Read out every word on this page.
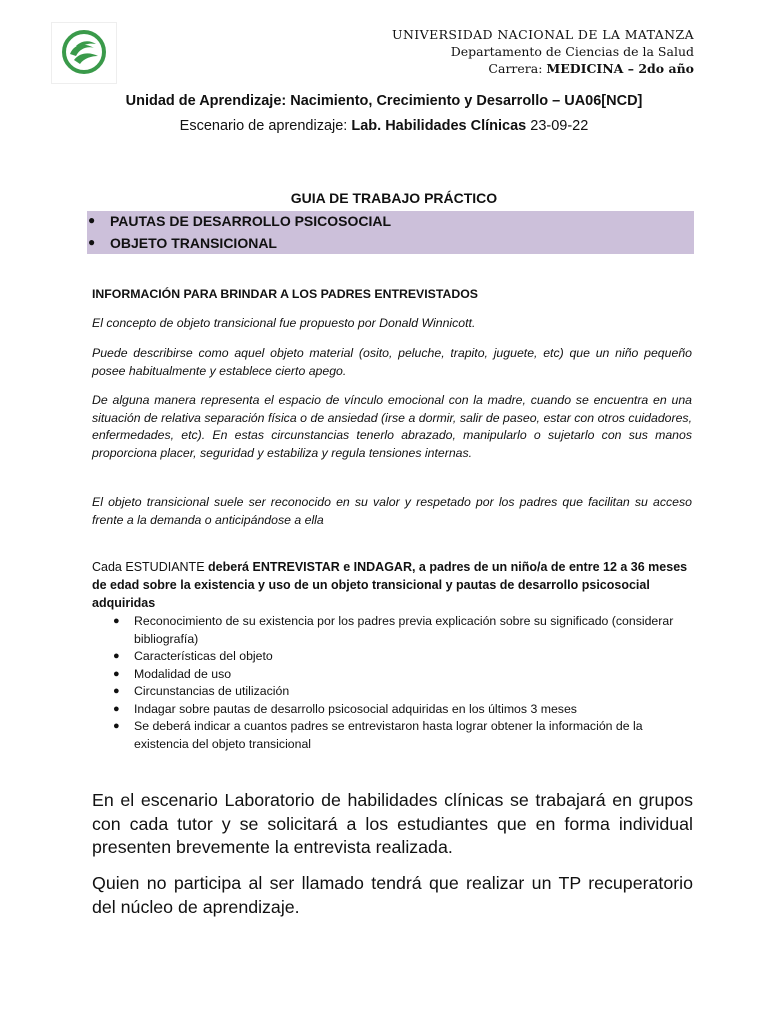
UNIVERSIDAD NACIONAL DE LA MATANZA
Departamento de Ciencias de la Salud
Carrera: MEDICINA – 2do año
Unidad de Aprendizaje: Nacimiento, Crecimiento y Desarrollo – UA06[NCD]
Escenario de aprendizaje: Lab. Habilidades Clínicas 23-09-22
GUIA DE TRABAJO PRÁCTICO
● PAUTAS DE DESARROLLO PSICOSOCIAL
● OBJETO TRANSICIONAL
INFORMACIÓN PARA BRINDAR A LOS PADRES ENTREVISTADOS
El concepto de objeto transicional fue propuesto por Donald Winnicott.
Puede describirse como aquel objeto material (osito, peluche, trapito, juguete, etc) que un niño pequeño posee habitualmente y establece cierto apego.
De alguna manera representa el espacio de vínculo emocional con la madre, cuando se encuentra en una situación de relativa separación física o de ansiedad (irse a dormir, salir de paseo, estar con otros cuidadores, enfermedades, etc). En estas circunstancias tenerlo abrazado, manipularlo o sujetarlo con sus manos proporciona placer, seguridad y estabiliza y regula tensiones internas.
El objeto transicional suele ser reconocido en su valor y respetado por los padres que facilitan su acceso frente a la demanda o anticipándose a ella
Cada ESTUDIANTE deberá ENTREVISTAR e INDAGAR, a padres de un niño/a de entre 12 a 36 meses de edad sobre la existencia y uso de un objeto transicional y pautas de desarrollo psicosocial adquiridas
● Reconocimiento de su existencia por los padres previa explicación sobre su significado (considerar bibliografía)
● Características del objeto
● Modalidad de uso
● Circunstancias de utilización
● Indagar sobre pautas de desarrollo psicosocial adquiridas en los últimos 3 meses
● Se deberá indicar a cuantos padres se entrevistaron hasta lograr obtener la información de la existencia del objeto transicional
En el escenario Laboratorio de habilidades clínicas se trabajará en grupos con cada tutor y se solicitará a los estudiantes que en forma individual presenten brevemente la entrevista realizada.
Quien no participa al ser llamado tendrá que realizar un TP recuperatorio del núcleo de aprendizaje.
